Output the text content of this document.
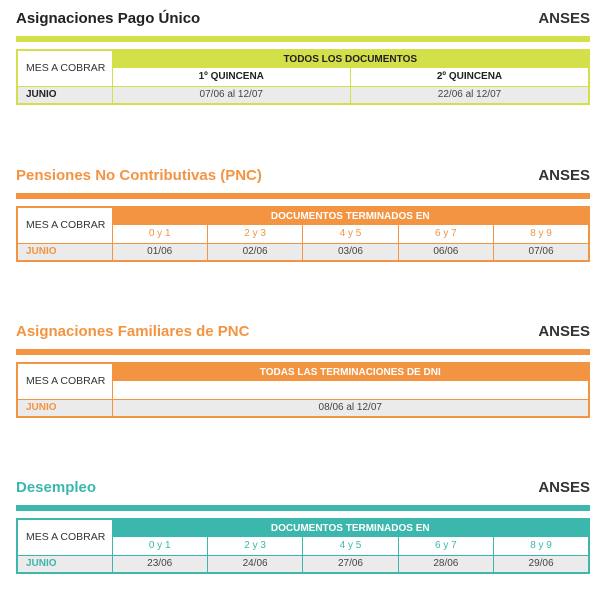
Asignaciones Pago Único	ANSES
MES A COBRAR	TODOS LOS DOCUMENTOS	
	1º QUINCENA	2º QUINCENA
JUNIO	07/06 al 12/07	22/06 al 12/07
Pensiones No Contributivas (PNC)	ANSES
MES A COBRAR	DOCUMENTOS TERMINADOS EN				
	0 y 1	2 y 3	4 y 5	6 y 7	8 y 9
JUNIO	01/06	02/06	03/06	06/06	07/06
Asignaciones Familiares de PNC	ANSES
MES A COBRAR	TODAS LAS TERMINACIONES DE DNI

JUNIO	08/06 al 12/07
Desempleo	ANSES
MES A COBRAR	DOCUMENTOS TERMINADOS EN				
	0 y 1	2 y 3	4 y 5	6 y 7	8 y 9
JUNIO	23/06	24/06	27/06	28/06	29/06
